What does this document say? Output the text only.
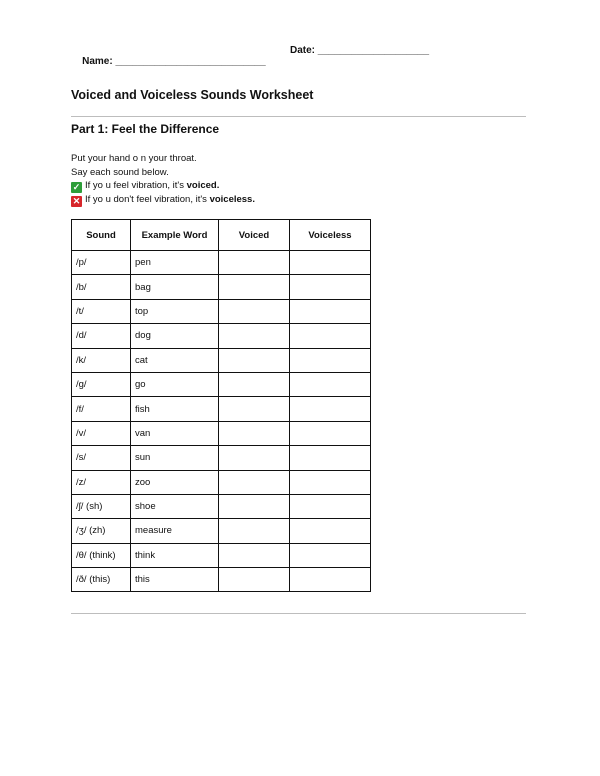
Name: ___________________________

Date: ____________________

Voiced and Voiceless Sounds Worksheet
Part 1: Feel the Difference
Put your hand o n your throat.
Say each sound below.
✓ If yo u feel vibration, it's voiced.
✕ If yo u don't feel vibration, it's voiceless.
Sound	Example Word	Voiced	Voiceless
/p/	pen		
/b/	bag		
/t/	top		
/d/	dog		
/k/	cat		
/g/	go		
/f/	fish		
/v/	van		
/s/	sun		
/z/	zoo		
/ʃ/ (sh)	shoe		
/ʒ/ (zh)	measure		
/θ/ (think)	think		
/ð/ (this)	this		
